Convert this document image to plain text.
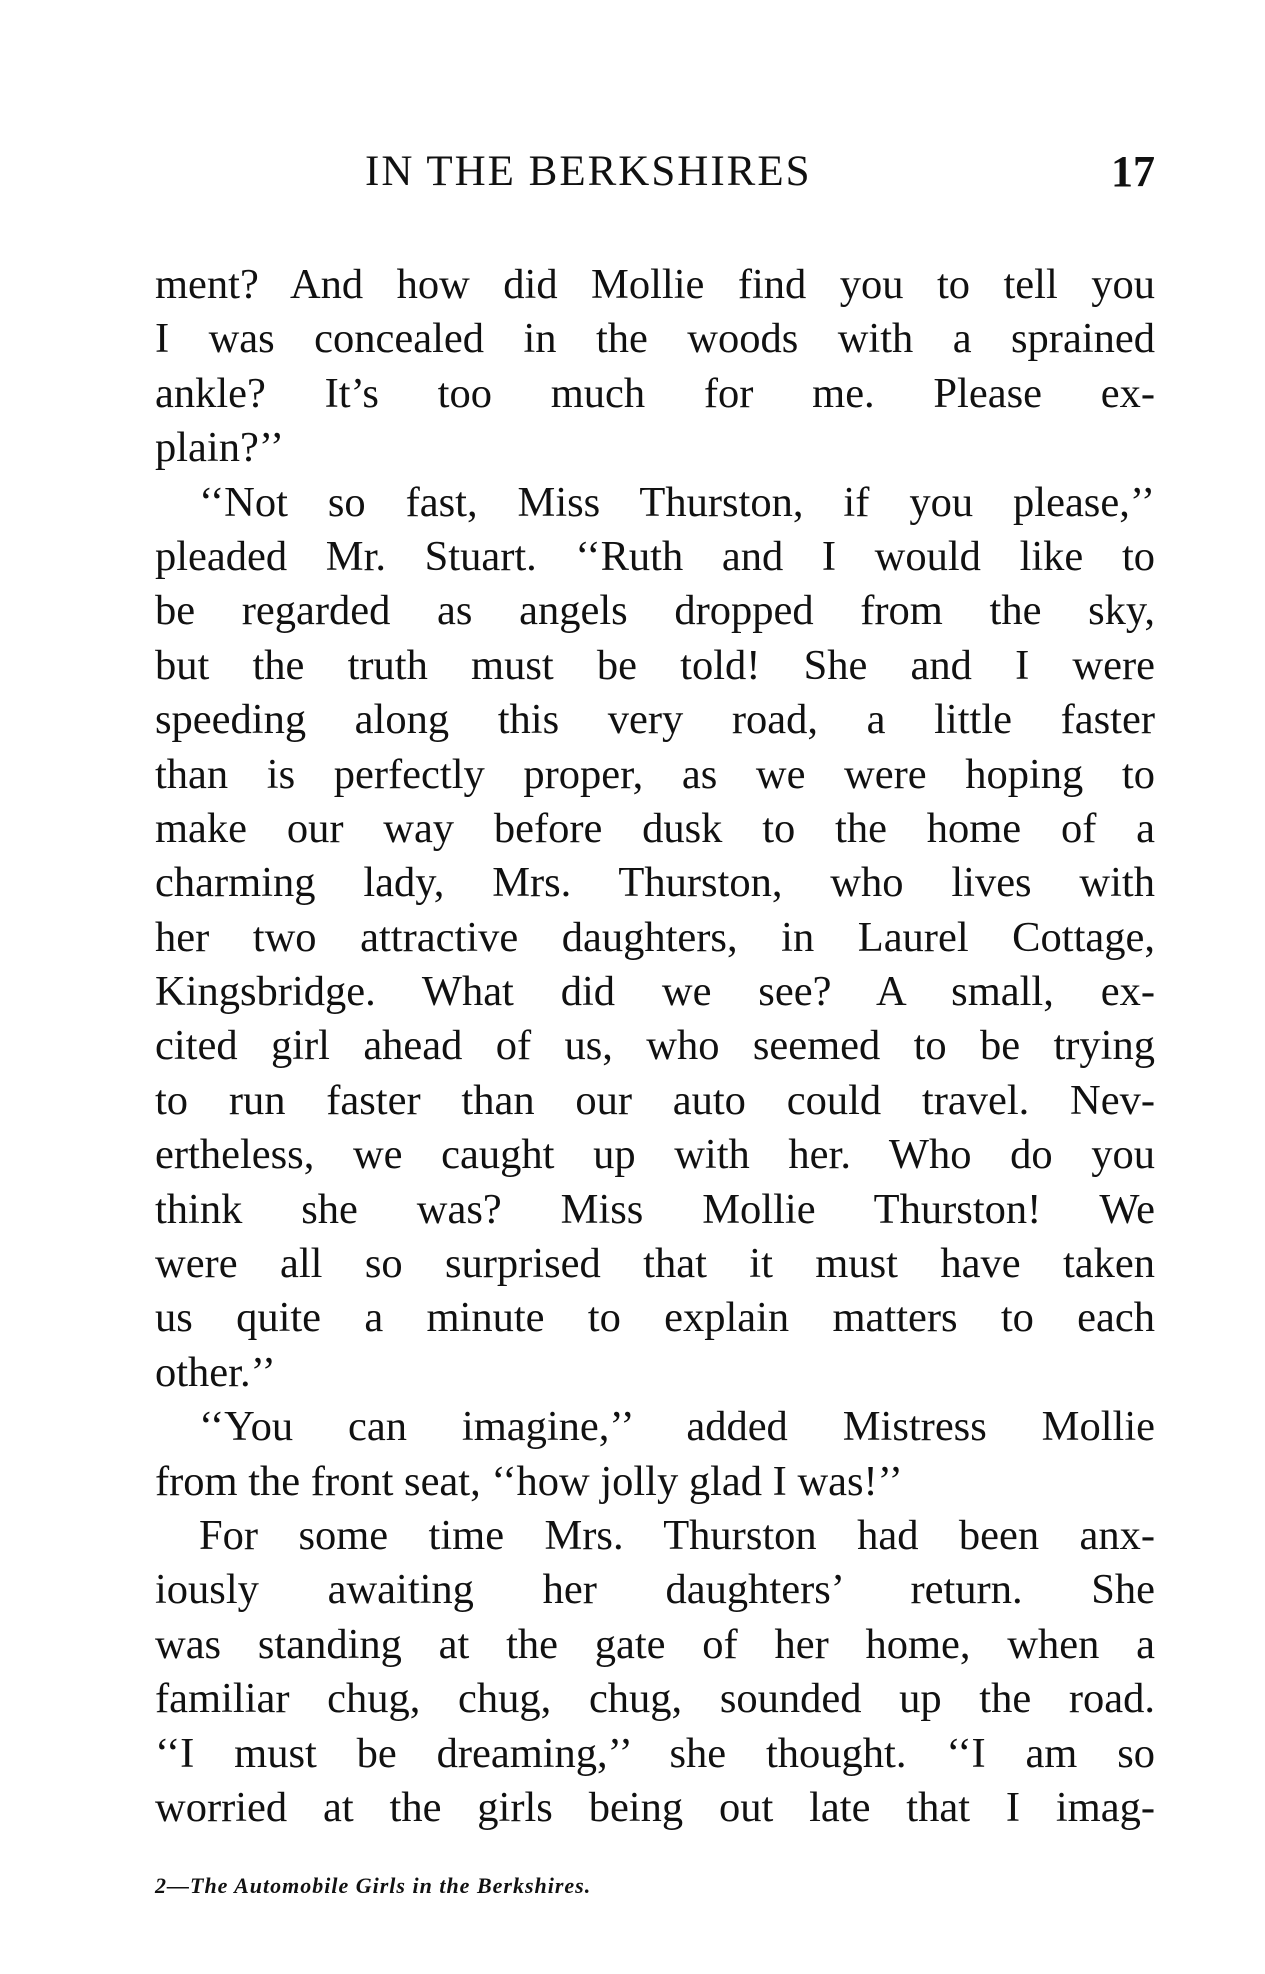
IN THE BERKSHIRES	17
ment? And how did Mollie find you to tell you
I was concealed in the woods with a sprained
ankle? It’s too much for me. Please ex-
plain?’’
‘‘Not so fast, Miss Thurston, if you please,’’
pleaded Mr. Stuart. ‘‘Ruth and I would like to
be regarded as angels dropped from the sky,
but the truth must be told! She and I were
speeding along this very road, a little faster
than is perfectly proper, as we were hoping to
make our way before dusk to the home of a
charming lady, Mrs. Thurston, who lives with
her two attractive daughters, in Laurel Cottage,
Kingsbridge. What did we see? A small, ex-
cited girl ahead of us, who seemed to be trying
to run faster than our auto could travel. Nev-
ertheless, we caught up with her. Who do you
think she was? Miss Mollie Thurston! We
were all so surprised that it must have taken
us quite a minute to explain matters to each
other.’’
‘‘You can imagine,’’ added Mistress Mollie
from the front seat, ‘‘how jolly glad I was!’’
For some time Mrs. Thurston had been anx-
iously awaiting her daughters’ return. She
was standing at the gate of her home, when a
familiar chug, chug, chug, sounded up the road.
‘‘I must be dreaming,’’ she thought. ‘‘I am so
worried at the girls being out late that I imag-
2—The Automobile Girls in the Berkshires.
